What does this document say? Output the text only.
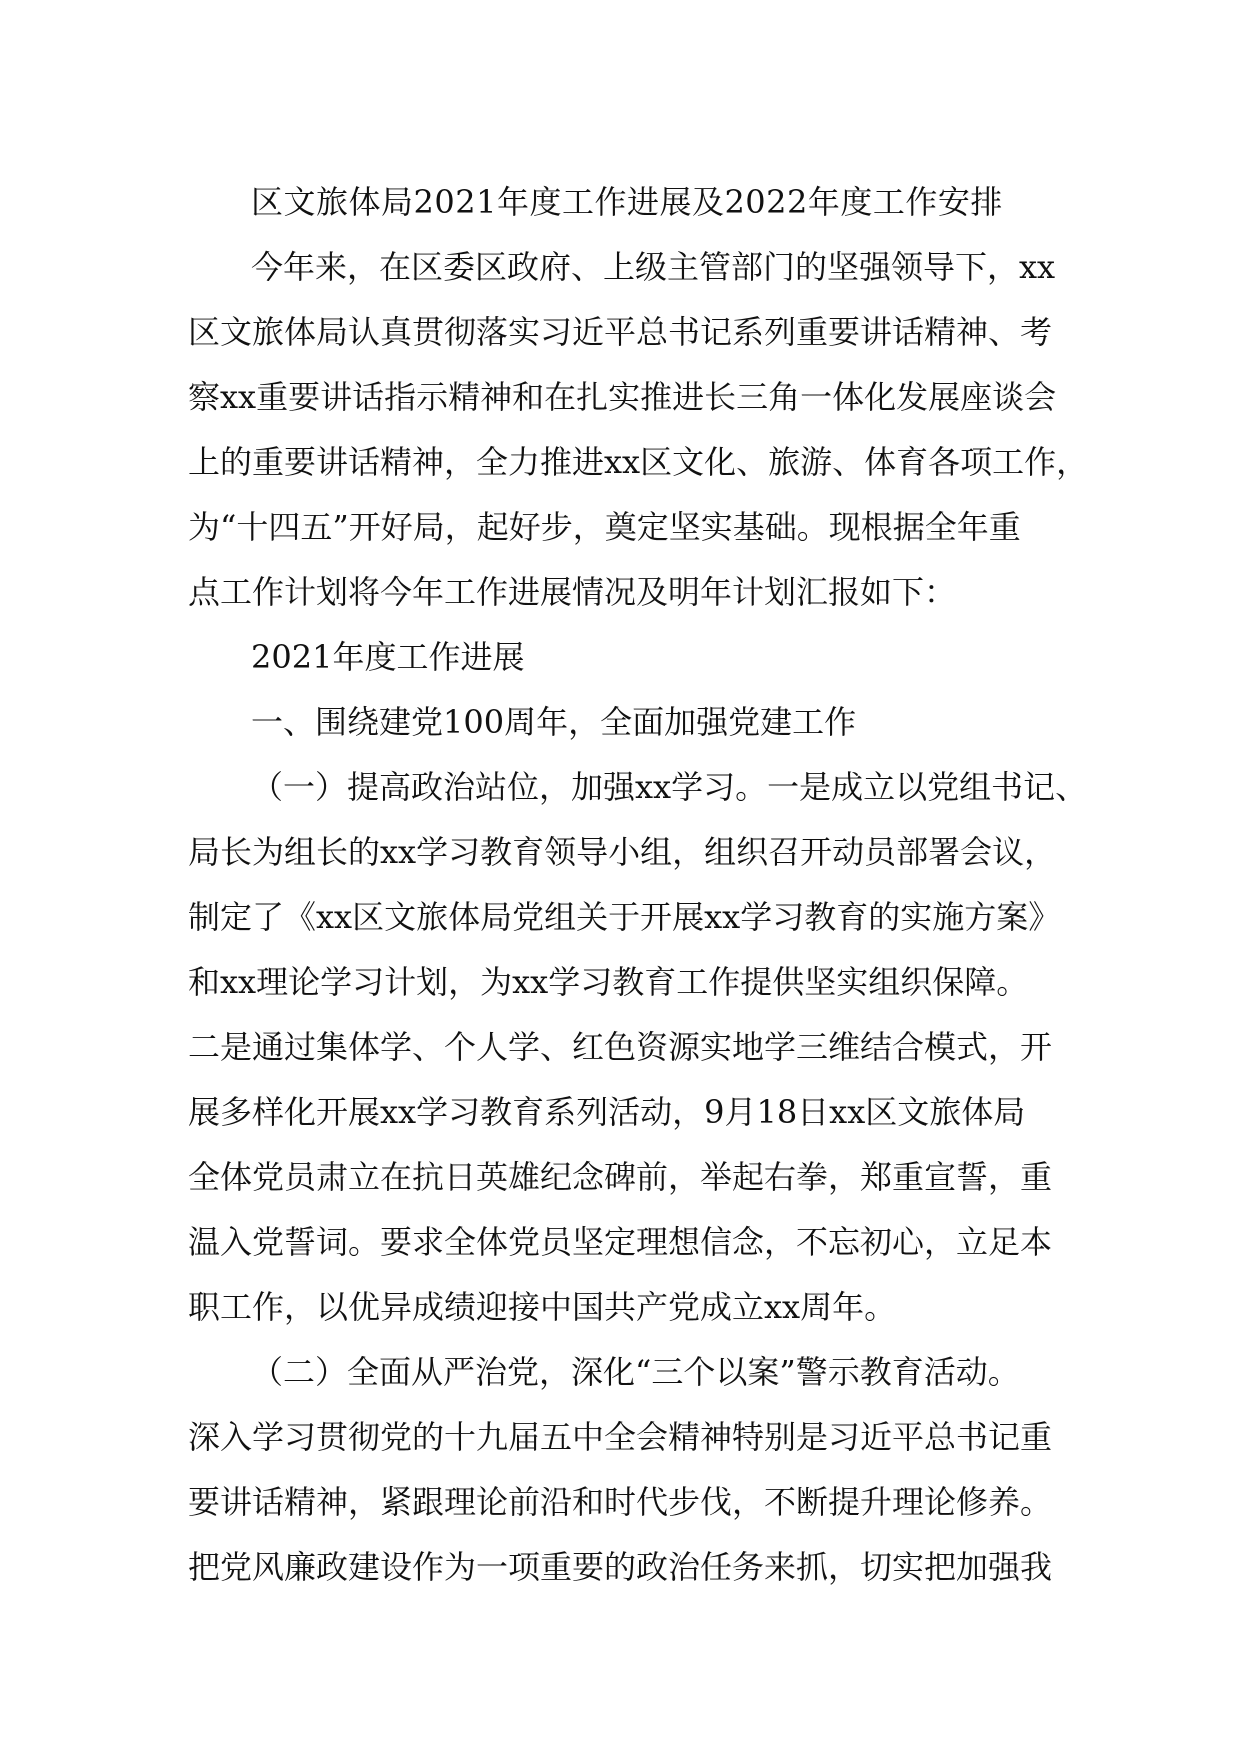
区文旅体局2021年度工作进展及2022年度工作安排
今年来，在区委区政府、上级主管部门的坚强领导下，xx
区文旅体局认真贯彻落实习近平总书记系列重要讲话精神、考
察xx重要讲话指示精神和在扎实推进长三角一体化发展座谈会
上的重要讲话精神，全力推进xx区文化、旅游、体育各项工作，
为“十四五”开好局，起好步，奠定坚实基础。现根据全年重
点工作计划将今年工作进展情况及明年计划汇报如下：
2021年度工作进展
一、围绕建党100周年，全面加强党建工作
（一）提高政治站位，加强xx学习。一是成立以党组书记、
局长为组长的xx学习教育领导小组，组织召开动员部署会议，
制定了《xx区文旅体局党组关于开展xx学习教育的实施方案》
和xx理论学习计划，为xx学习教育工作提供坚实组织保障。
二是通过集体学、个人学、红色资源实地学三维结合模式，开
展多样化开展xx学习教育系列活动，9月18日xx区文旅体局
全体党员肃立在抗日英雄纪念碑前，举起右拳，郑重宣誓，重
温入党誓词。要求全体党员坚定理想信念，不忘初心，立足本
职工作，以优异成绩迎接中国共产党成立xx周年。
（二）全面从严治党，深化“三个以案”警示教育活动。
深入学习贯彻党的十九届五中全会精神特别是习近平总书记重
要讲话精神，紧跟理论前沿和时代步伐，不断提升理论修养。
把党风廉政建设作为一项重要的政治任务来抓，切实把加强我
